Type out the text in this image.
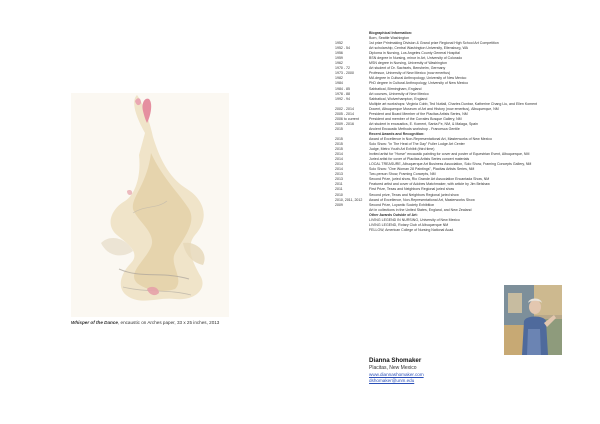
Whisper of the Dance, encaustic on Arches paper, 33 x 25 inches, 2013
Biographical Information:
Born, Seattle Washington
1952	1st prize Printmaking Division & Grand prize Regional High School Art Competition
1952 - 54	Art scholarship, Central Washington University, Ellensburg, WA
1956	Diploma in Nursing, Los Angeles County General Hospital
1959	BSN degree in Nursing, minor in Art, University of Colorado
1962	MSN degree in Nursing, University of Washington
1970 - 72	Art student of Dr. Sachsels, Bensheim, Germany
1973 - 2000	Professor, University of New Mexico (now emeritus)
1982	MA degree in Cultural Anthropology, University of New Mexico
1984	PhD degree in Cultural Anthropology, University of New Mexico
1984 - 85	Sabbatical, Birmingham, England
1978 - 88	Art courses, University of New Mexico
1992 - 94	Sabbatical, Wolverhampton, England
Multiple art workshops: Virginia Cobb, Ted Nuttall, Charles Dunbar, Katherine Chang Liu, and Ellen Koment
2002 - 2014	Docent, Albuquerque Museum of Art and History (now emeritus), Albuquerque, NM
2005 - 2014	President and Board Member of the Placitas Artists Series, NM
2006 to current	President and member of the Corrales Bosque Gallery, NM
2009 - 2016	Art student in encaustics, E. Koment, Santa Fe, NM, & Malaga, Spain
2015	Ancient Encaustic Methods workshop - Francesca Gentile
Recent Awards and Recognition:
2015	Award of Excellence in Non-Representational Art, Masterworks of New Mexico
2015	Solo Show: "In The Heat of The Day" Fuller Lodge Art Center
2015	Judge, Metro Youth Art Exhibit (third time)
2014	Invited artist for "Horse" encaustic painting for cover and poster of Equestrian Event, Albuquerque, NM
2014	Juried artist for cover of Placitas Artists Series concert materials
2014	LOCAL TREASURE, Albuquerque Art Business Association, Solo Show, Framing Concepts Gallery, NM
2014	Solo Show: "One Woman 28 Paintings", Placitas Artists Series, NM
2013	Two-person Show, Framing Concepts, NM
2013	Second Prize, juried show, Rio Grande Art Association Encantada Show, NM
2011	Featured artist and cover of Adobes Matchmaker, with article by Jim Belshaw
2011	First Prize, Texas and Neighbors Regional juried show
2010	Second prize, Texas and Neighbors Regional juried show
2010, 2011, 2012 Award of Excellence, Non-Representational Art, Masterworks Show
2009	Second Prize, Loyantic Society Exhibition
Art in collections in the United States, England, and New Zealand
Other Awards Outside of Art:
LIVING LEGEND IN NURSING, University of New Mexico
LIVING LEGEND, Rotary Club of Albuquerque NM
FELLOW, American College of Nursing National Acad.
Dianna Shomaker
Placitas, New Mexico
www.diannashomaker.com
dshomaker@unm.edu
